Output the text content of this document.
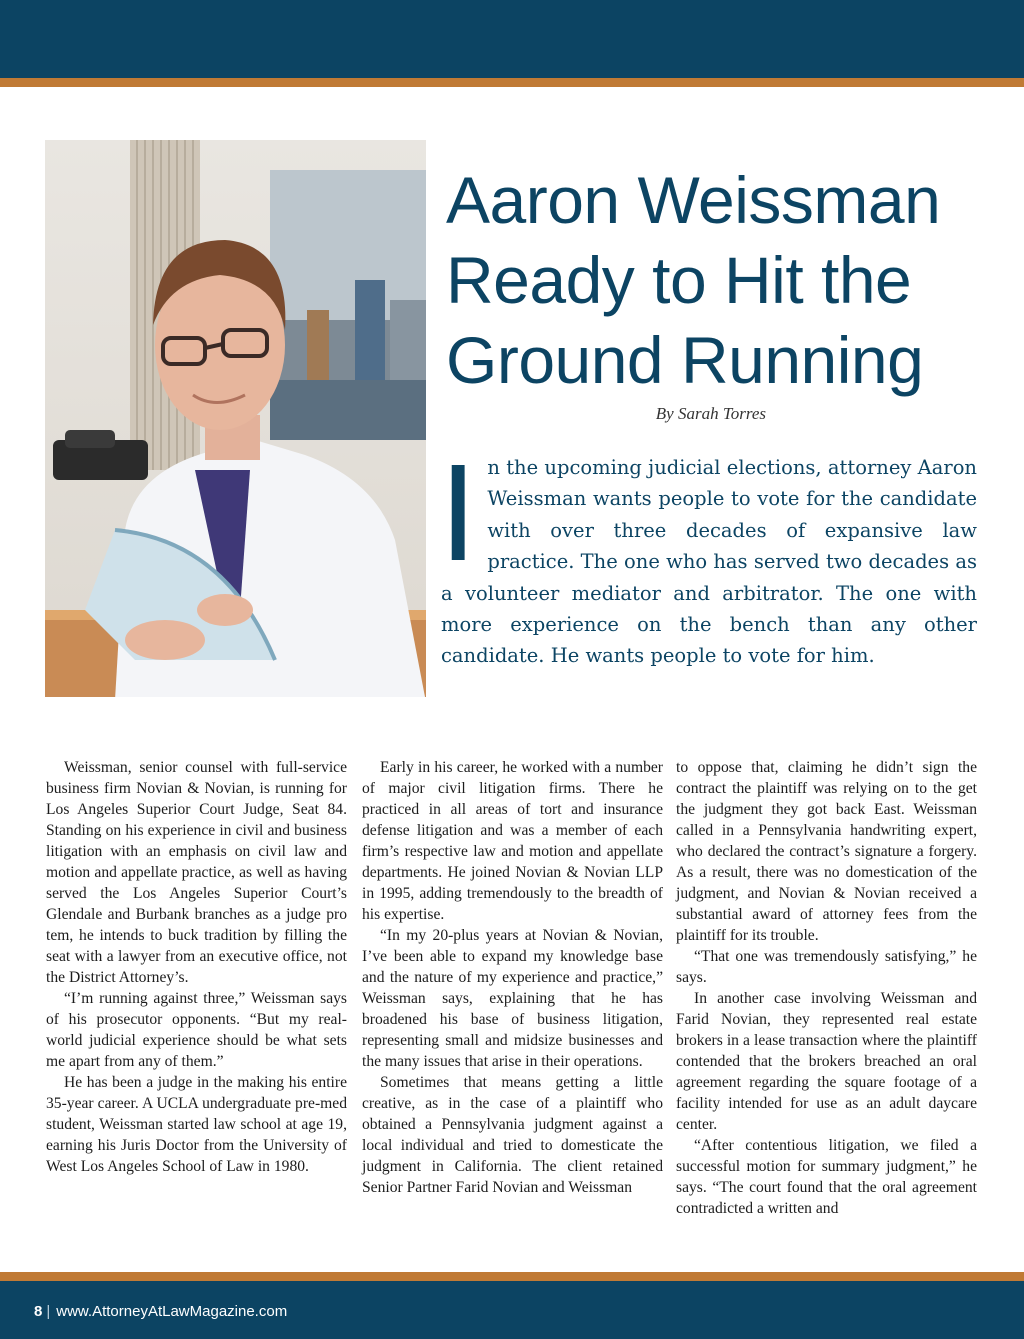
Aaron Weissman
Ready to Hit the
Ground Running
By Sarah Torres
I n the upcoming judicial elections, attorney Aaron Weissman wants people to vote for the candidate with over three decades of expansive law practice. The one who has served two decades as a volunteer mediator and arbitrator. The one with more experience on the bench than any other candidate. He wants people to vote for him.

Weissman, senior counsel with full-service business firm Novian & Novian, is running for Los Angeles Superior Court Judge, Seat 84. Standing on his experience in civil and business litigation with an emphasis on civil law and motion and appellate practice, as well as having served the Los Angeles Superior Court’s Glendale and Burbank branches as a judge pro tem, he intends to buck tradition by filling the seat with a lawyer from an executive office, not the District Attorney’s.

“I’m running against three,” Weissman says of his prosecutor opponents. “But my real-world judicial experience should be what sets me apart from any of them.”

He has been a judge in the making his entire 35-year career. A UCLA undergraduate pre-med student, Weissman started law school at age 19, earning his Juris Doctor from the University of West Los Angeles School of Law in 1980.

Early in his career, he worked with a number of major civil litigation firms. There he practiced in all areas of tort and insurance defense litigation and was a member of each firm’s respective law and motion and appellate departments. He joined Novian & Novian LLP in 1995, adding tremendously to the breadth of his expertise.

“In my 20-plus years at Novian & Novian, I’ve been able to expand my knowledge base and the nature of my experience and practice,” Weissman says, explaining that he has broadened his base of business litigation, representing small and midsize businesses and the many issues that arise in their operations.

Sometimes that means getting a little creative, as in the case of a plaintiff who obtained a Pennsylvania judgment against a local individual and tried to domesticate the judgment in California. The client retained Senior Partner Farid Novian and Weissman

to oppose that, claiming he didn’t sign the contract the plaintiff was relying on to the get the judgment they got back East. Weissman called in a Pennsylvania handwriting expert, who declared the contract’s signature a forgery. As a result, there was no domestication of the judgment, and Novian & Novian received a substantial award of attorney fees from the plaintiff for its trouble.

“That one was tremendously satisfying,” he says.

In another case involving Weissman and Farid Novian, they represented real estate brokers in a lease transaction where the plaintiff contended that the brokers breached an oral agreement regarding the square footage of a facility intended for use as an adult daycare center.

“After contentious litigation, we filed a successful motion for summary judgment,” he says. “The court found that the oral agreement contradicted a written and

8 | www.AttorneyAtLawMagazine.com
